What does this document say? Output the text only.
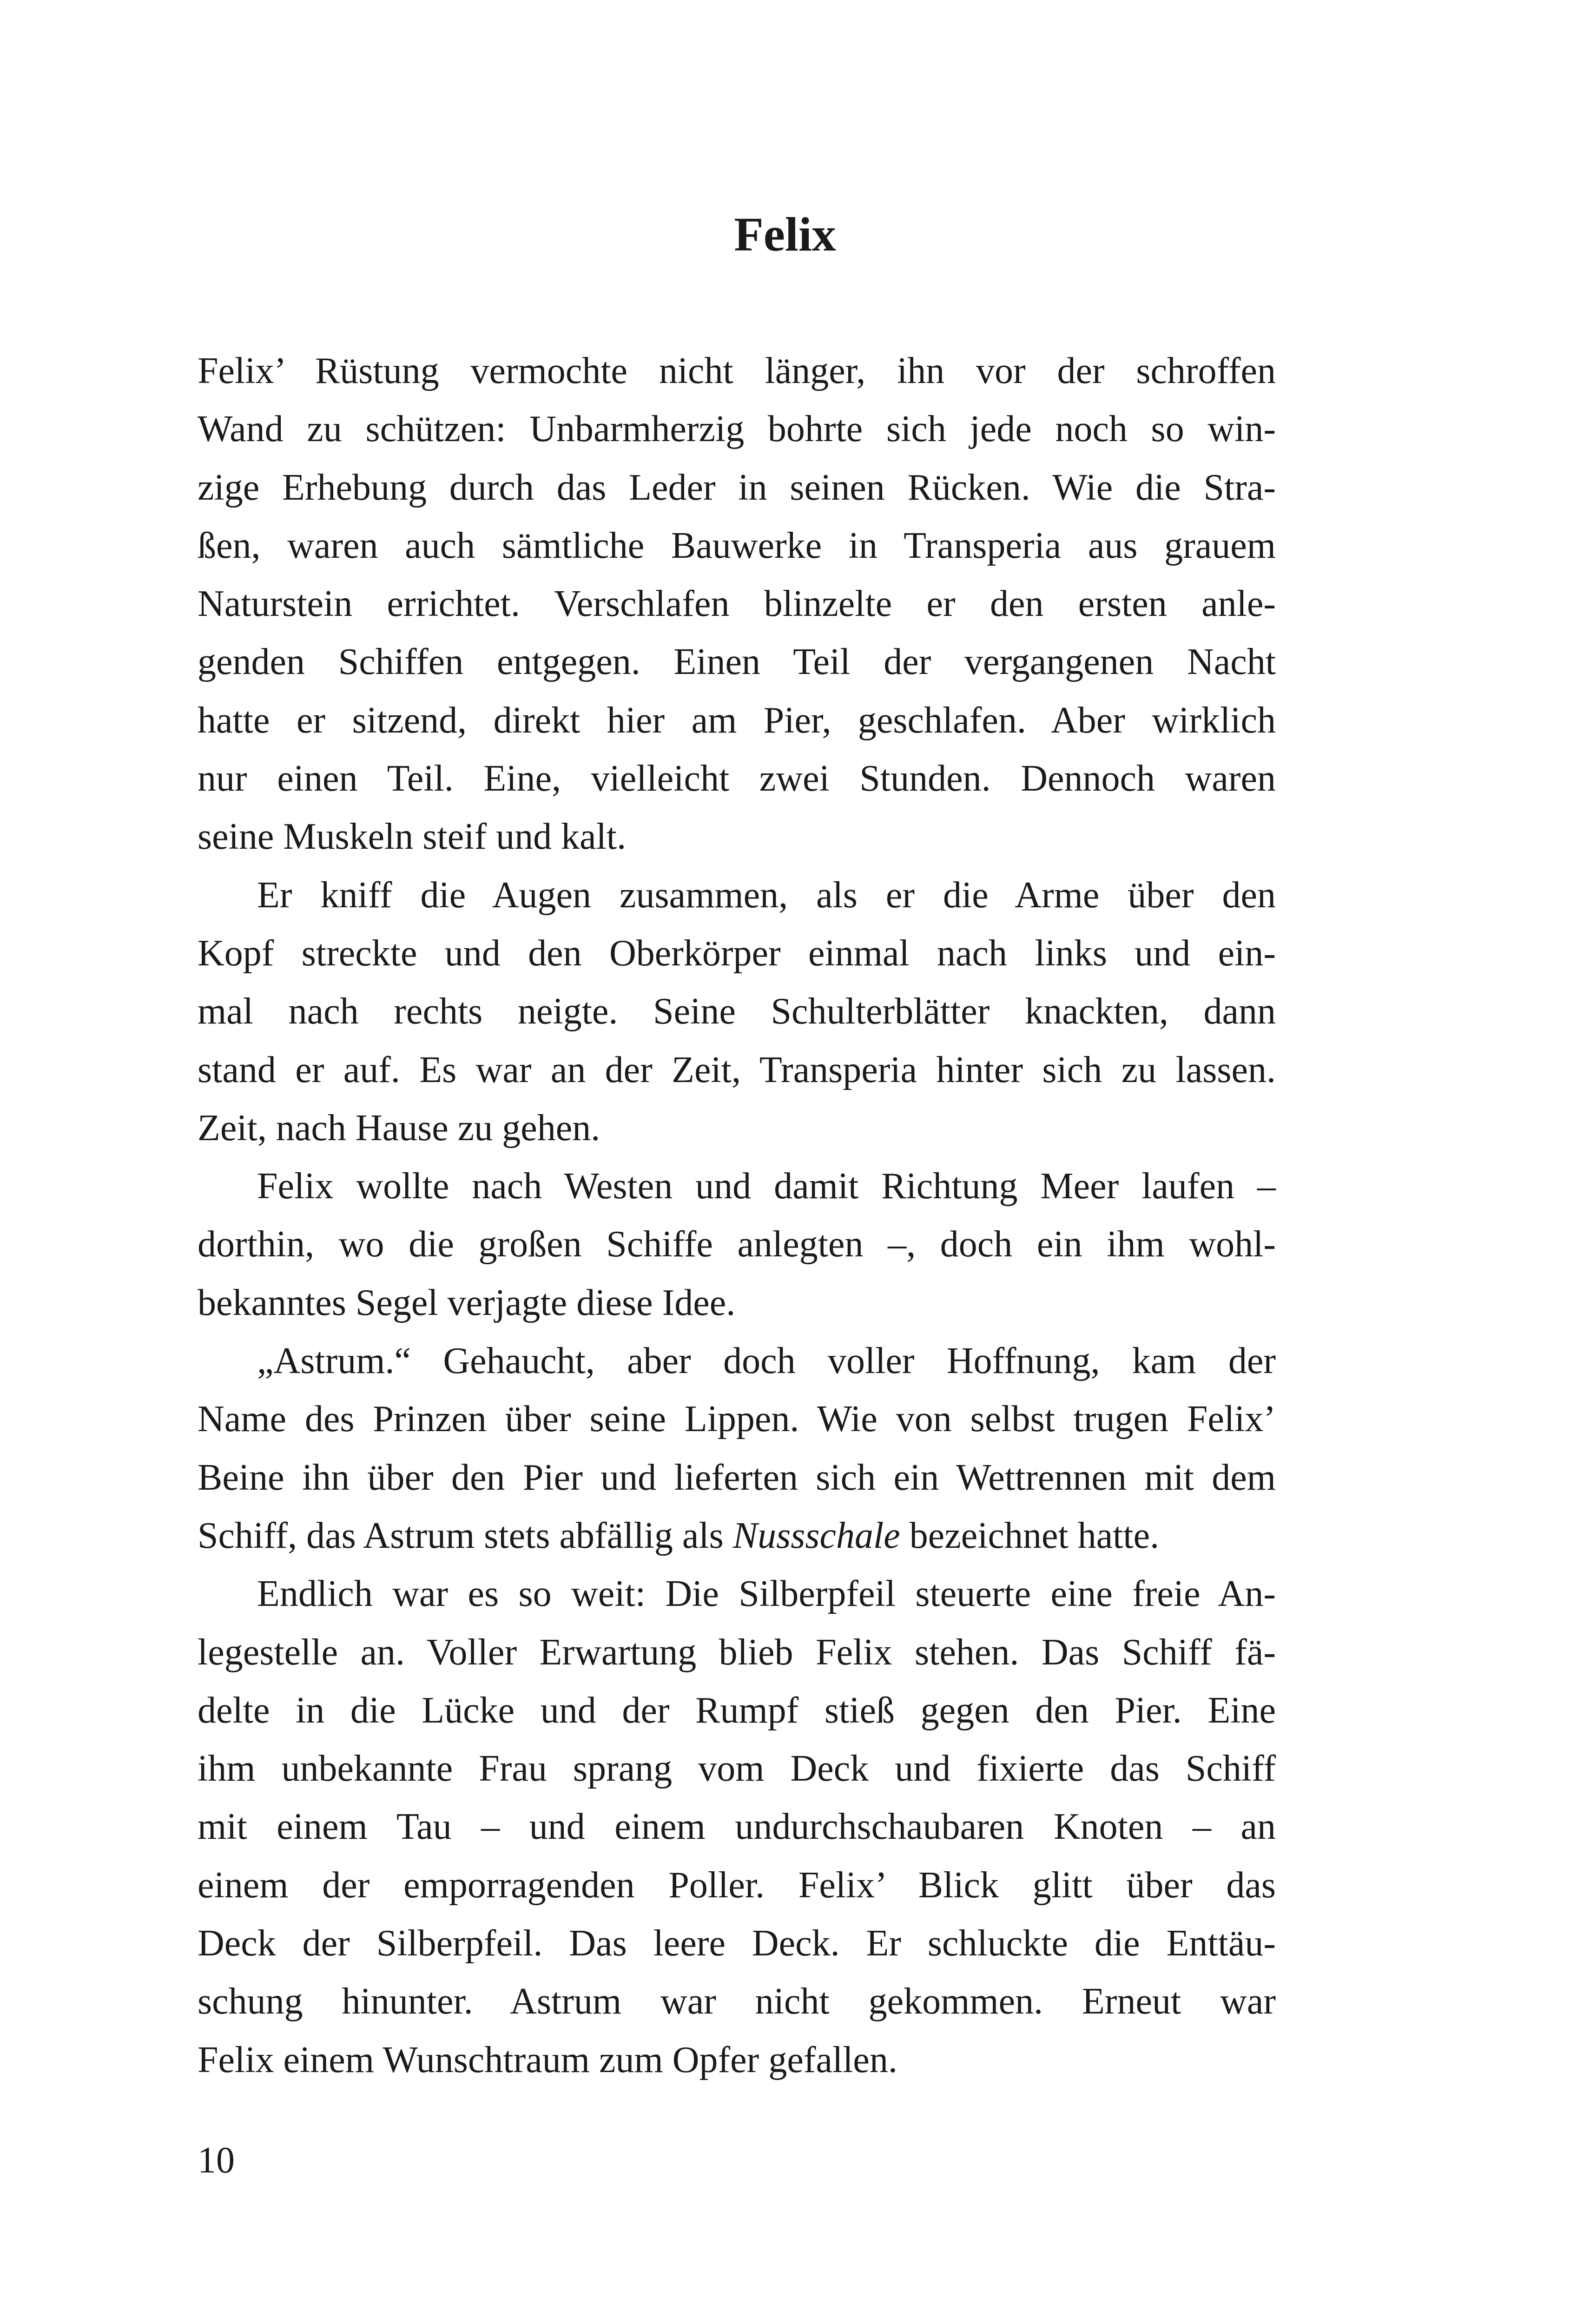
Felix
Felix’ Rüstung vermochte nicht länger, ihn vor der schroffen
Wand zu schützen: Unbarmherzig bohrte sich jede noch so win-
zige Erhebung durch das Leder in seinen Rücken. Wie die Stra-
ßen, waren auch sämtliche Bauwerke in Transperia aus grauem
Naturstein errichtet. Verschlafen blinzelte er den ersten anle-
genden Schiffen entgegen. Einen Teil der vergangenen Nacht
hatte er sitzend, direkt hier am Pier, geschlafen. Aber wirklich
nur einen Teil. Eine, vielleicht zwei Stunden. Dennoch waren
seine Muskeln steif und kalt.
Er kniff die Augen zusammen, als er die Arme über den
Kopf streckte und den Oberkörper einmal nach links und ein-
mal nach rechts neigte. Seine Schulterblätter knackten, dann
stand er auf. Es war an der Zeit, Transperia hinter sich zu lassen.
Zeit, nach Hause zu gehen.
Felix wollte nach Westen und damit Richtung Meer laufen –
dorthin, wo die großen Schiffe anlegten –, doch ein ihm wohl-
bekanntes Segel verjagte diese Idee.
„Astrum.“ Gehaucht, aber doch voller Hoffnung, kam der
Name des Prinzen über seine Lippen. Wie von selbst trugen Felix’
Beine ihn über den Pier und lieferten sich ein Wettrennen mit dem
Schiff, das Astrum stets abfällig als Nussschale bezeichnet hatte.
Endlich war es so weit: Die Silberpfeil steuerte eine freie An-
legestelle an. Voller Erwartung blieb Felix stehen. Das Schiff fä-
delte in die Lücke und der Rumpf stieß gegen den Pier. Eine
ihm unbekannte Frau sprang vom Deck und fixierte das Schiff
mit einem Tau – und einem undurchschaubaren Knoten – an
einem der emporragenden Poller. Felix’ Blick glitt über das
Deck der Silberpfeil. Das leere Deck. Er schluckte die Enttäu-
schung hinunter. Astrum war nicht gekommen. Erneut war
Felix einem Wunschtraum zum Opfer gefallen.
10
